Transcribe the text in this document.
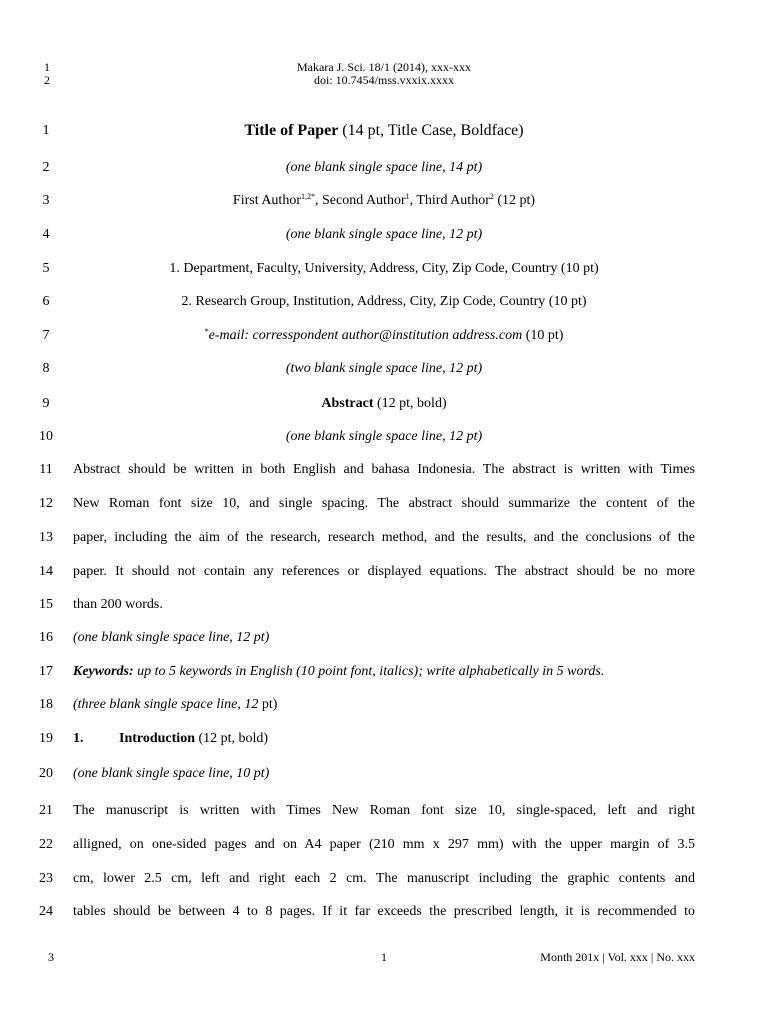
1
2
Makara J. Sci. 18/1 (2014), xxx-xxx
doi: 10.7454/mss.vxxix.xxxx
1	Title of Paper (14 pt, Title Case, Boldface)
2	(one blank single space line, 14 pt)
3	First Author$^{1,2*}$, Second Author$^1$, Third Author$^2$ (12 pt)
4	(one blank single space line, 12 pt)
5	1. Department, Faculty, University, Address, City, Zip Code, Country (10 pt)
6	2. Research Group, Institution, Address, City, Zip Code, Country (10 pt)
7	*e-mail: corresspondent author@institution address.com (10 pt)
8	(two blank single space line, 12 pt)
9	Abstract (12 pt, bold)
10	(one blank single space line, 12 pt)
11 Abstract should be written in both English and bahasa Indonesia. The abstract is written with Times
12 New Roman font size 10, and single spacing. The abstract should summarize the content of the
13 paper, including the aim of the research, research method, and the results, and the conclusions of the
14 paper. It should not contain any references or displayed equations. The abstract should be no more
15 than 200 words.
16 (one blank single space line, 12 pt)
17 Keywords: up to 5 keywords in English (10 point font, italics); write alphabetically in 5 words.
18 (three blank single space line, 12 pt)
19 1.	Introduction (12 pt, bold)
20 (one blank single space line, 10 pt)
21 The manuscript is written with Times New Roman font size 10, single-spaced, left and right
22 alligned, on one-sided pages and on A4 paper (210 mm x 297 mm) with the upper margin of 3.5
23 cm, lower 2.5 cm, left and right each 2 cm. The manuscript including the graphic contents and
24 tables should be between 4 to 8 pages. If it far exceeds the prescribed length, it is recommended to
3	1	Month 201x | Vol. xxx | No. xxx
